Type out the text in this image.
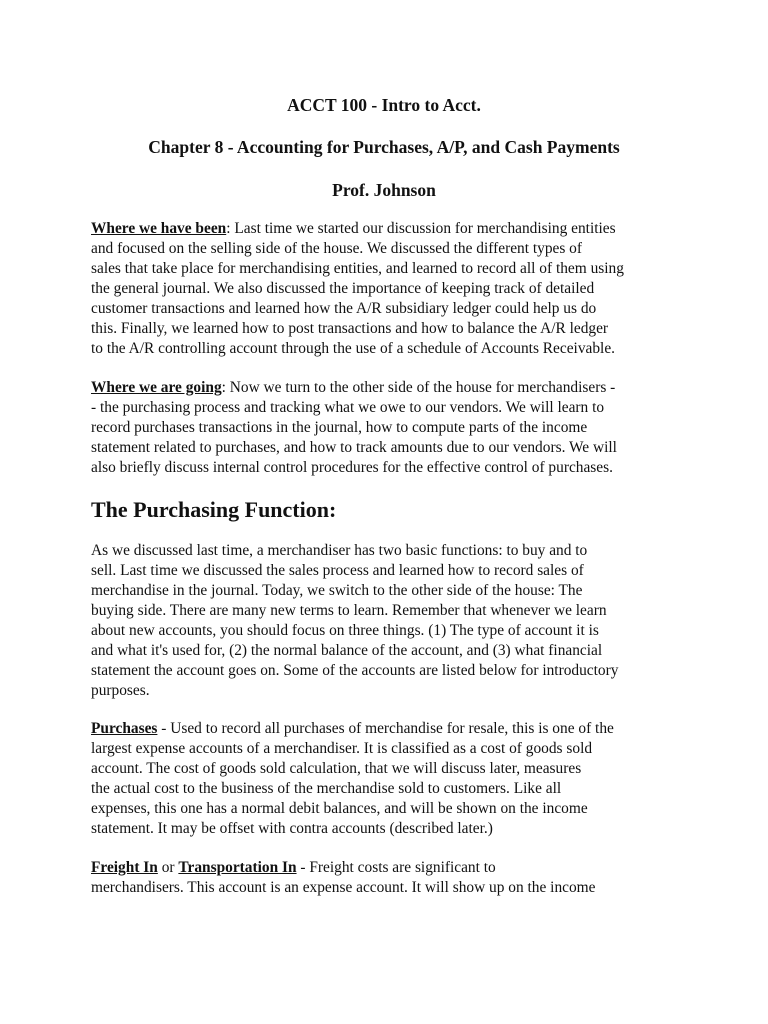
ACCT 100 - Intro to Acct.
Chapter 8 - Accounting for Purchases, A/P, and Cash Payments
Prof. Johnson
Where we have been: Last time we started our discussion for merchandising entities
and focused on the selling side of the house. We discussed the different types of
sales that take place for merchandising entities, and learned to record all of them using
the general journal. We also discussed the importance of keeping track of detailed
customer transactions and learned how the A/R subsidiary ledger could help us do
this. Finally, we learned how to post transactions and how to balance the A/R ledger
to the A/R controlling account through the use of a schedule of Accounts Receivable.
Where we are going: Now we turn to the other side of the house for merchandisers -
- the purchasing process and tracking what we owe to our vendors. We will learn to
record purchases transactions in the journal, how to compute parts of the income
statement related to purchases, and how to track amounts due to our vendors. We will
also briefly discuss internal control procedures for the effective control of purchases.
The Purchasing Function:
As we discussed last time, a merchandiser has two basic functions: to buy and to
sell. Last time we discussed the sales process and learned how to record sales of
merchandise in the journal. Today, we switch to the other side of the house: The
buying side. There are many new terms to learn. Remember that whenever we learn
about new accounts, you should focus on three things. (1) The type of account it is
and what it's used for, (2) the normal balance of the account, and (3) what financial
statement the account goes on. Some of the accounts are listed below for introductory
purposes.
Purchases - Used to record all purchases of merchandise for resale, this is one of the
largest expense accounts of a merchandiser. It is classified as a cost of goods sold
account. The cost of goods sold calculation, that we will discuss later, measures
the actual cost to the business of the merchandise sold to customers. Like all
expenses, this one has a normal debit balances, and will be shown on the income
statement. It may be offset with contra accounts (described later.)
Freight In or Transportation In - Freight costs are significant to
merchandisers. This account is an expense account. It will show up on the income
